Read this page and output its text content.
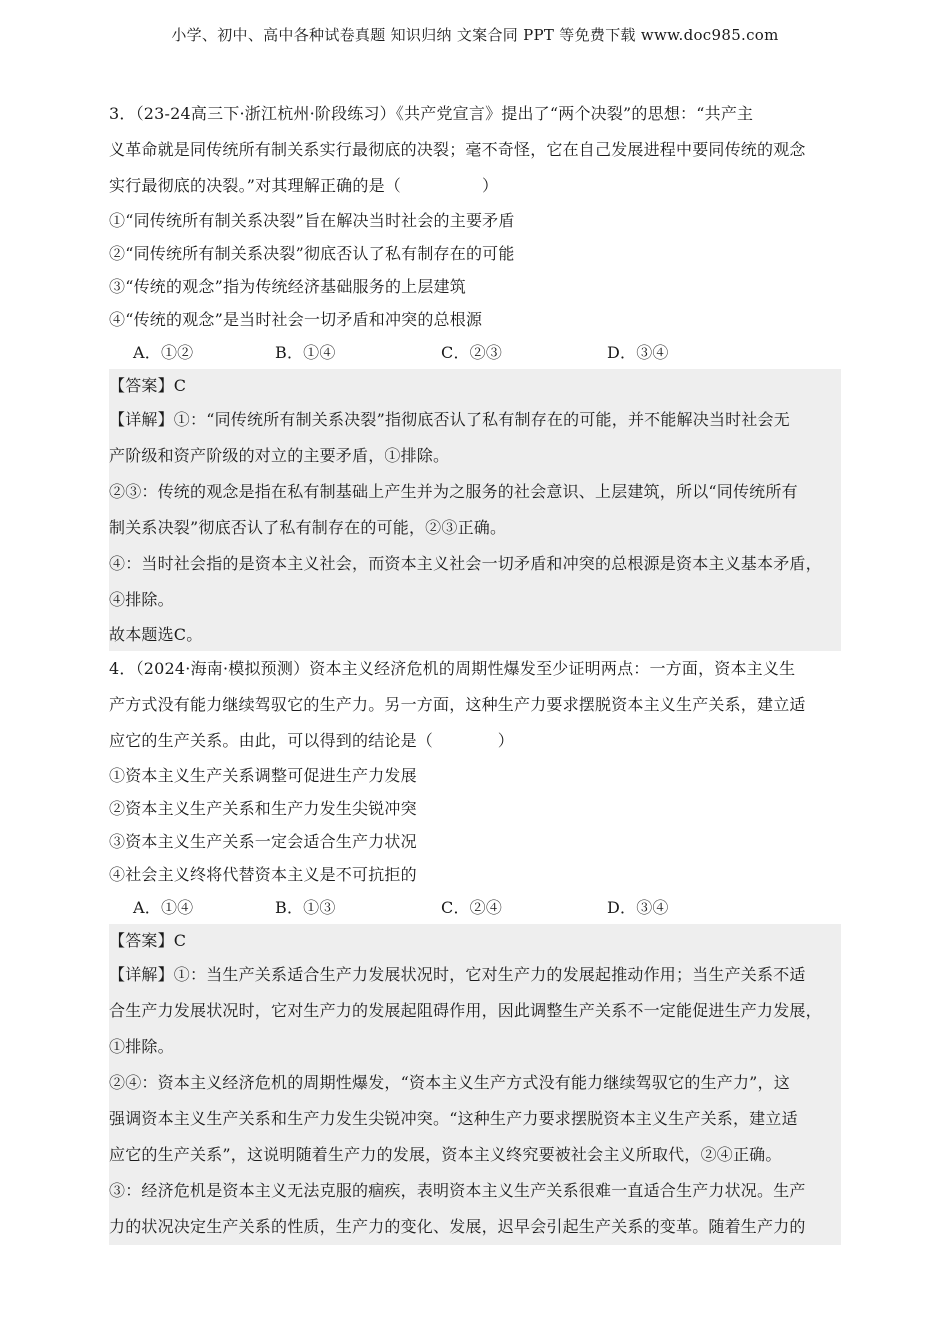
小学、初中、高中各种试卷真题 知识归纳 文案合同 PPT 等免费下载 www.doc985.com
3．（23-24高三下·浙江杭州·阶段练习）《共产党宣言》提出了“两个决裂”的思想：“共产主
义革命就是同传统所有制关系实行最彻底的决裂；毫不奇怪，它在自己发展进程中要同传统的观念
实行最彻底的决裂。”对其理解正确的是（　　　　　）
①“同传统所有制关系决裂”旨在解决当时社会的主要矛盾
②“同传统所有制关系决裂”彻底否认了私有制存在的可能
③“传统的观念”指为传统经济基础服务的上层建筑
④“传统的观念”是当时社会一切矛盾和冲突的总根源
A．①②	B．①④	C．②③	D．③④
【答案】C
【详解】①：“同传统所有制关系决裂”指彻底否认了私有制存在的可能，并不能解决当时社会无
产阶级和资产阶级的对立的主要矛盾，①排除。
②③：传统的观念是指在私有制基础上产生并为之服务的社会意识、上层建筑，所以“同传统所有
制关系决裂”彻底否认了私有制存在的可能，②③正确。
④：当时社会指的是资本主义社会，而资本主义社会一切矛盾和冲突的总根源是资本主义基本矛盾，
④排除。
故本题选C。
4．（2024·海南·模拟预测）资本主义经济危机的周期性爆发至少证明两点：一方面，资本主义生
产方式没有能力继续驾驭它的生产力。另一方面，这种生产力要求摆脱资本主义生产关系，建立适
应它的生产关系。由此，可以得到的结论是（　　　　）
①资本主义生产关系调整可促进生产力发展
②资本主义生产关系和生产力发生尖锐冲突
③资本主义生产关系一定会适合生产力状况
④社会主义终将代替资本主义是不可抗拒的
A．①④	B．①③	C．②④	D．③④
【答案】C
【详解】①：当生产关系适合生产力发展状况时，它对生产力的发展起推动作用；当生产关系不适
合生产力发展状况时，它对生产力的发展起阻碍作用，因此调整生产关系不一定能促进生产力发展，
①排除。
②④：资本主义经济危机的周期性爆发，“资本主义生产方式没有能力继续驾驭它的生产力”，这
强调资本主义生产关系和生产力发生尖锐冲突。“这种生产力要求摆脱资本主义生产关系，建立适
应它的生产关系”，这说明随着生产力的发展，资本主义终究要被社会主义所取代，②④正确。
③：经济危机是资本主义无法克服的痼疾，表明资本主义生产关系很难一直适合生产力状况。生产
力的状况决定生产关系的性质，生产力的变化、发展，迟早会引起生产关系的变革。随着生产力的
